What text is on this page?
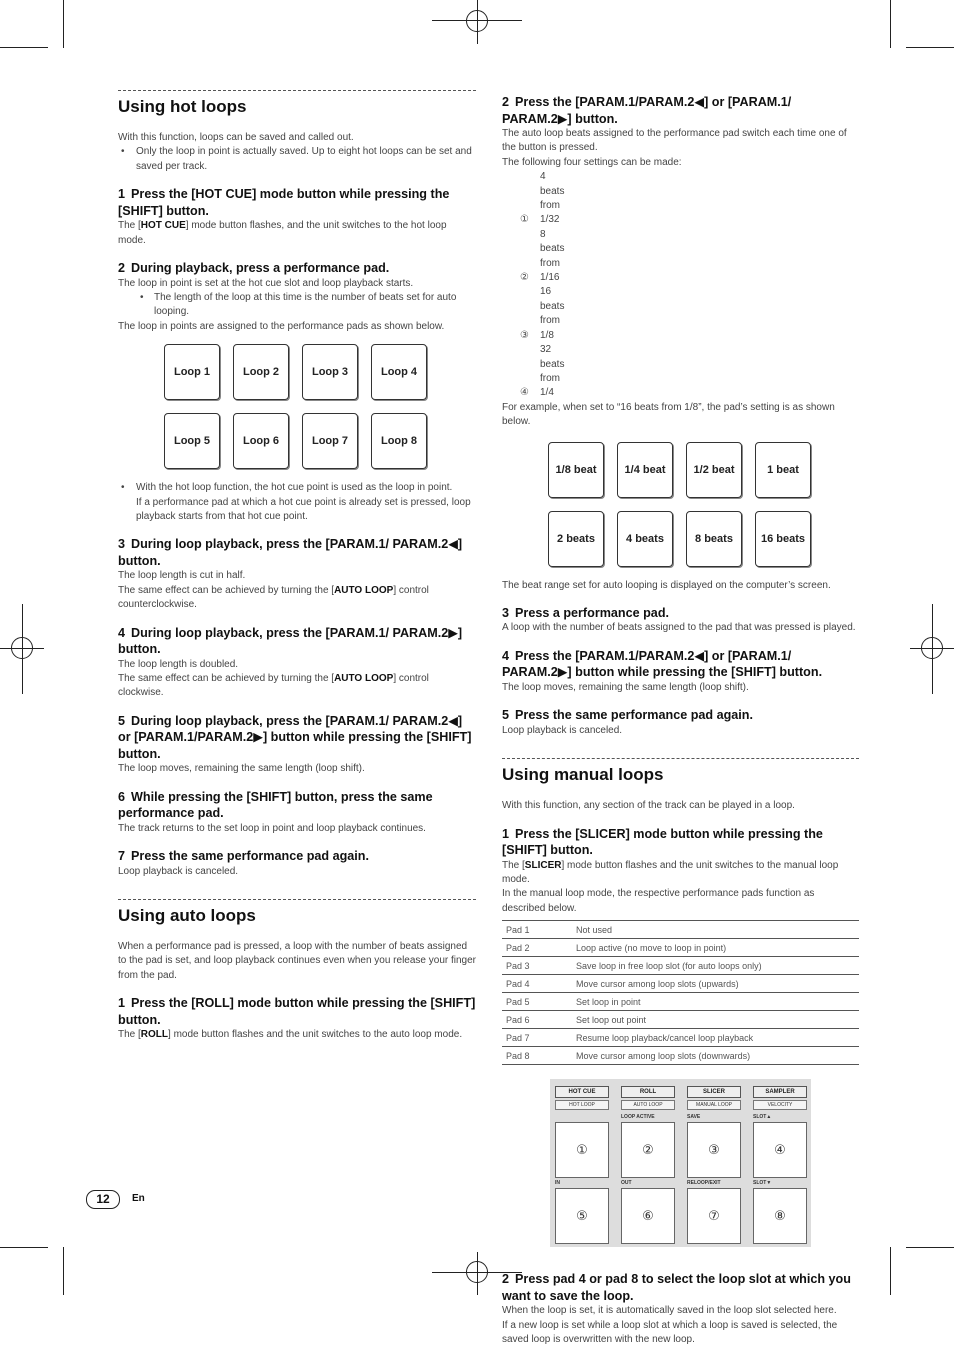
Using hot loops

With this function, loops can be saved and called out.

• Only the loop in point is actually saved. Up to eight hot loops can be set and saved per track.
1 Press the [HOT CUE] mode button while pressing the [SHIFT] button.

The [HOT CUE] mode button flashes, and the unit switches to the hot loop mode.

2 During playback, press a performance pad.

The loop in point is set at the hot cue slot and loop playback starts.

• The length of the loop at this time is the number of beats set for auto looping.

The loop in points are assigned to the performance pads as shown below.

Loop 1	Loop 2	Loop 3	Loop 4
Loop 5	Loop 6	Loop 7	Loop 8
• With the hot loop function, the hot cue point is used as the loop in point.
If a performance pad at which a hot cue point is already set is pressed, loop playback starts from that hot cue point.
3 During loop playback, press the [PARAM.1/ PARAM.2◀] button.

The loop length is cut in half.

The same effect can be achieved by turning the [AUTO LOOP] control counterclockwise.

4 During loop playback, press the [PARAM.1/ PARAM.2▶] button.

The loop length is doubled.

The same effect can be achieved by turning the [AUTO LOOP] control clockwise.

5 During loop playback, press the [PARAM.1/ PARAM.2◀] or [PARAM.1/PARAM.2▶] button while pressing the [SHIFT] button.

The loop moves, remaining the same length (loop shift).

6 While pressing the [SHIFT] button, press the same performance pad.

The track returns to the set loop in point and loop playback continues.

7 Press the same performance pad again.

Loop playback is canceled.

Using auto loops

When a performance pad is pressed, a loop with the number of beats assigned to the pad is set, and loop playback continues even when you release your finger from the pad.

1 Press the [ROLL] mode button while pressing the [SHIFT] button.

The [ROLL] mode button flashes and the unit switches to the auto loop mode.

2 Press the [PARAM.1/PARAM.2◀] or [PARAM.1/ PARAM.2▶] button.

The auto loop beats assigned to the performance pad switch each time one of the button is pressed.

The following four settings can be made:

①4 beats from 1/32
②8 beats from 1/16
③16 beats from 1/8
④32 beats from 1/4

For example, when set to “16 beats from 1/8”, the pad’s setting is as shown below.

1/8 beat	1/4 beat	1/2 beat	1 beat
2 beats	4 beats	8 beats	16 beats

The beat range set for auto looping is displayed on the computer’s screen.

3 Press a performance pad.

A loop with the number of beats assigned to the pad that was pressed is played.

4 Press the [PARAM.1/PARAM.2◀] or [PARAM.1/ PARAM.2▶] button while pressing the [SHIFT] button.

The loop moves, remaining the same length (loop shift).

5 Press the same performance pad again.

Loop playback is canceled.

Using manual loops

With this function, any section of the track can be played in a loop.

1 Press the [SLICER] mode button while pressing the [SHIFT] button.

The [SLICER] mode button flashes and the unit switches to the manual loop mode.

In the manual loop mode, the respective performance pads function as described below.

Pad 1	Not used
Pad 2	Loop active (no move to loop in point)
Pad 3	Save loop in free loop slot (for auto loops only)
Pad 4	Move cursor among loop slots (upwards)
Pad 5	Set loop in point
Pad 6	Set loop out point
Pad 7	Resume loop playback/cancel loop playback
Pad 8	Move cursor among loop slots (downwards)
HOT CUE	ROLL	SLICER	SAMPLER
HOT LOOP	AUTO LOOP	MANUAL LOOP	VELOCITY
LOOP ACTIVE	SAVE	SLOT▲
①	②	③	④
IN	OUT	RELOOP/EXIT	SLOT▼
⑤	⑥	⑦	⑧
2 Press pad 4 or pad 8 to select the loop slot at which you want to save the loop.

When the loop is set, it is automatically saved in the loop slot selected here.

If a new loop is set while a loop slot at which a loop is saved is selected, the saved loop is overwritten with the new loop.

12	En
